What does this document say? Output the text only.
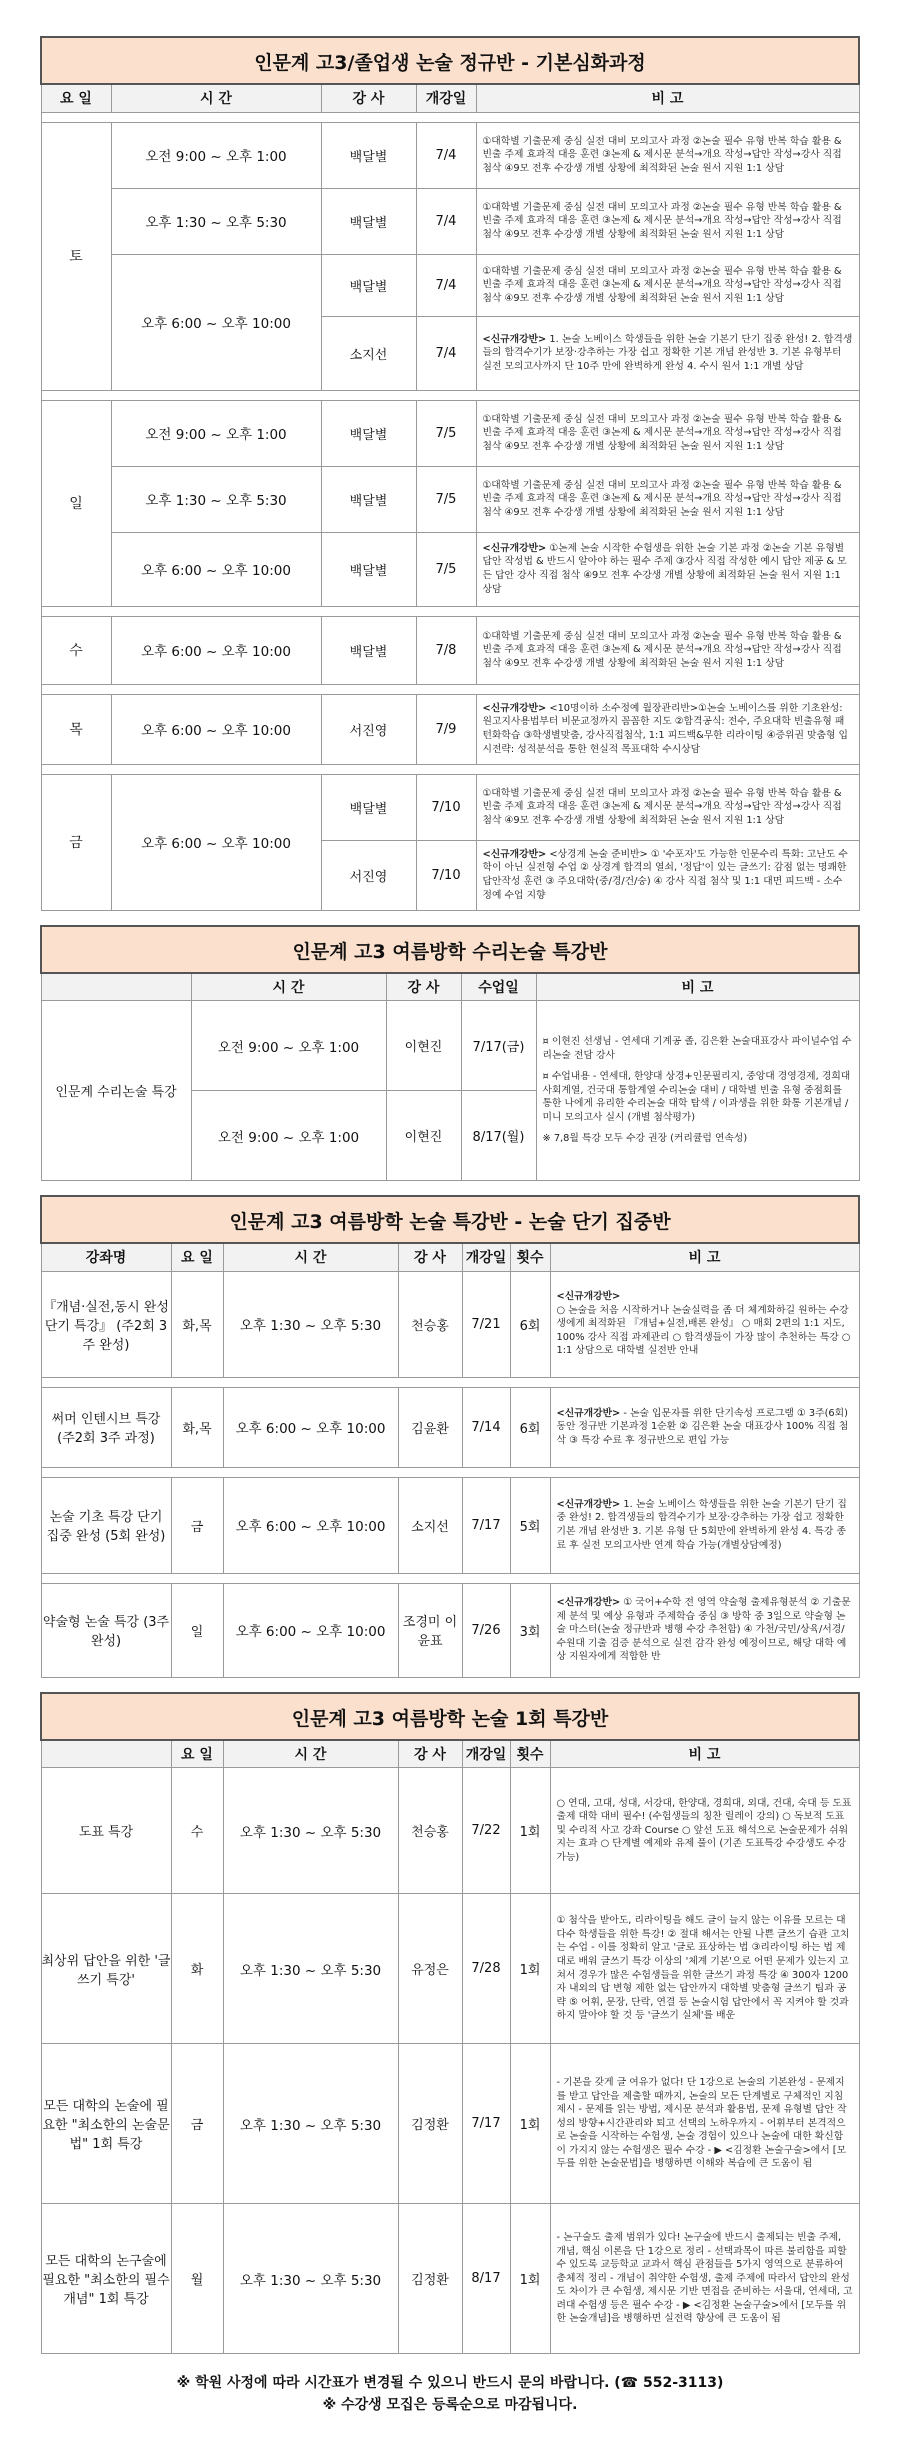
인문계 고3/졸업생 논술 정규반 - 기본심화과정				
요 일	시 간	강 사	개강일	비 고

토	오전 9:00 ~ 오후 1:00	백달별	7/4	①대학별 기출문제 중심 실전 대비 모의고사 과정 ②논술 필수 유형 반복 학습 활용 & 빈출 주제 효과적 대응 훈련 ③논제 & 제시문 분석→개요 작성→답안 작성→강사 직접 첨삭 ④9모 전후 수강생 개별 상황에 최적화된 논술 원서 지원 1:1 상담
	오후 1:30 ~ 오후 5:30	백달별	7/4	①대학별 기출문제 중심 실전 대비 모의고사 과정 ②논술 필수 유형 반복 학습 활용 & 빈출 주제 효과적 대응 훈련 ③논제 & 제시문 분석→개요 작성→답안 작성→강사 직접 첨삭 ④9모 전후 수강생 개별 상황에 최적화된 논술 원서 지원 1:1 상담
	오후 6:00 ~ 오후 10:00	백달별	7/4	①대학별 기출문제 중심 실전 대비 모의고사 과정 ②논술 필수 유형 반복 학습 활용 & 빈출 주제 효과적 대응 훈련 ③논제 & 제시문 분석→개요 작성→답안 작성→강사 직접 첨삭 ④9모 전후 수강생 개별 상황에 최적화된 논술 원서 지원 1:1 상담
		소지선	7/4	<신규개강반> 1. 논술 노베이스 학생들을 위한 논술 기본기 단기 집중 완성! 2. 합격생들의 합격수기가 보장·강추하는 가장 쉽고 정확한 기본 개념 완성반 3. 기본 유형부터 실전 모의고사까지 단 10주 만에 완벽하게 완성 4. 수시 원서 1:1 개별 상담

일	오전 9:00 ~ 오후 1:00	백달별	7/5	①대학별 기출문제 중심 실전 대비 모의고사 과정 ②논술 필수 유형 반복 학습 활용 & 빈출 주제 효과적 대응 훈련 ③논제 & 제시문 분석→개요 작성→답안 작성→강사 직접 첨삭 ④9모 전후 수강생 개별 상황에 최적화된 논술 원서 지원 1:1 상담
	오후 1:30 ~ 오후 5:30	백달별	7/5	①대학별 기출문제 중심 실전 대비 모의고사 과정 ②논술 필수 유형 반복 학습 활용 & 빈출 주제 효과적 대응 훈련 ③논제 & 제시문 분석→개요 작성→답안 작성→강사 직접 첨삭 ④9모 전후 수강생 개별 상황에 최적화된 논술 원서 지원 1:1 상담
	오후 6:00 ~ 오후 10:00	백달별	7/5	<신규개강반> ①논제 논술 시작한 수험생을 위한 논술 기본 과정 ②논술 기본 유형별 답안 작성법 & 반드시 알아야 하는 필수 주제 ③강사 직접 작성한 예시 답안 제공 & 모든 답안 강사 직접 첨삭 ④9모 전후 수강생 개별 상황에 최적화된 논술 원서 지원 1:1 상담

수	오후 6:00 ~ 오후 10:00	백달별	7/8	①대학별 기출문제 중심 실전 대비 모의고사 과정 ②논술 필수 유형 반복 학습 활용 & 빈출 주제 효과적 대응 훈련 ③논제 & 제시문 분석→개요 작성→답안 작성→강사 직접 첨삭 ④9모 전후 수강생 개별 상황에 최적화된 논술 원서 지원 1:1 상담

목	오후 6:00 ~ 오후 10:00	서진영	7/9	<신규개강반> <10명이하 소수정예 월장관리반>①논술 노베이스를 위한 기초완성: 원고지사용법부터 비문교정까지 꼼꼼한 지도 ②합격공식: 전수, 주요대학 빈출유형 패턴화학습 ③학생별맞춤, 강사직접첨삭, 1:1 피드백&무한 리라이팅 ④증위권 맞춤형 입시전략: 성적분석을 통한 현실적 목표대학 수시상담

금	오후 6:00 ~ 오후 10:00	백달별	7/10	①대학별 기출문제 중심 실전 대비 모의고사 과정 ②논술 필수 유형 반복 학습 활용 & 빈출 주제 효과적 대응 훈련 ③논제 & 제시문 분석→개요 작성→답안 작성→강사 직접 첨삭 ④9모 전후 수강생 개별 상황에 최적화된 논술 원서 지원 1:1 상담
		서진영	7/10	<신규개강반> <상경계 논술 준비반> ① '수포자'도 가능한 인문수리 특화: 고난도 수학이 아닌 실전형 수업 ② 상경계 합격의 열쇠, '정답'이 있는 글쓰기: 감점 없는 명쾌한 답안작성 훈련 ③ 주요대학(중/경/건/숭) ④ 강사 직접 첨삭 및 1:1 대면 피드백 - 소수 정예 수업 지향
인문계 고3 여름방학 수리논술 특강반				
	시 간	강 사	수업일	비 고
인문계 수리논술 특강	오전 9:00 ~ 오후 1:00	이현진	7/17(금)	¤ 이현진 선생님 - 연세대 기계공 졸, 김은환 논술대표강사 파이널수업 수리논술 전담 강사
¤ 수업내용 - 연세대, 한양대 상경+인문필리지, 중앙대 경영경제, 경희대 사회계열, 건국대 통합계열 수리논술 대비 / 대학별 빈출 유형 중점회를 통한 나에게 유리한 수리논술 대학 탐색 / 이과생을 위한 화통 기본개념 / 미니 모의고사 실시 (개별 첨삭평가)
※ 7,8월 특강 모두 수강 권장 (커리큘럼 연속성)

	오전 9:00 ~ 오후 1:00	이현진	8/17(월)	
인문계 고3 여름방학 논술 특강반 - 논술 단기 집중반						
강좌명	요 일	시 간	강 사	개강일	횟수	비 고
『개념·실전,동시 완성 단기 특강』 (주2회 3주 완성)	화,목	오후 1:30 ~ 오후 5:30	천승홍	7/21	6회	<신규개강반>
○ 논술을 처음 시작하거나 논술실력을 좀 더 체계화하길 원하는 수강생에게 최적화된 『개념+실전,배론 완성』 ○ 매회 2편의 1:1 지도, 100% 강사 직접 과제관리 ○ 합격생들이 가장 많이 추천하는 특강 ○ 1:1 상담으로 대학별 실전반 안내

써머 인텐시브 특강 (주2회 3주 과정)	화,목	오후 6:00 ~ 오후 10:00	김윤환	7/14	6회	<신규개강반> - 논술 입문자를 위한 단기속성 프로그램 ① 3주(6회) 동안 정규반 기본과정 1순환 ② 김은환 논술 대표강사 100% 직접 첨삭 ③ 특강 수료 후 정규반으로 편입 가능

논술 기초 특강 단기 집중 완성 (5회 완성)	금	오후 6:00 ~ 오후 10:00	소지선	7/17	5회	<신규개강반> 1. 논술 노베이스 학생들을 위한 논술 기본기 단기 집중 완성! 2. 합격생들의 합격수기가 보장·강추하는 가장 쉽고 정확한 기본 개념 완성반 3. 기본 유형 단 5회만에 완벽하게 완성 4. 특강 종료 후 실전 모의고사반 연계 학습 가능(개별상담예정)

약술형 논술 특강 (3주 완성)	일	오후 6:00 ~ 오후 10:00	조경미 이윤표	7/26	3회	<신규개강반> ① 국어+수학 전 영역 약술형 출제유형분석 ② 기출문제 분석 및 예상 유형과 주제학습 중심 ③ 방학 중 3일으로 약술형 논술 마스터(논술 정규반과 병행 수강 추천함) ④ 가천/국민/상육/서경/수원대 기출 검증 분석으로 실전 감각 완성 예정이므로, 해당 대학 예상 지원자에게 적합한 반
인문계 고3 여름방학 논술 1회 특강반						
	요 일	시 간	강 사	개강일	횟수	비 고
도표 특강	수	오후 1:30 ~ 오후 5:30	천승홍	7/22	1회	○ 연대, 고대, 성대, 서강대, 한양대, 경희대, 외대, 건대, 숙대 등 도표 출제 대학 대비 필수! (수험생들의 칭찬 릴레이 강의) ○ 독보적 도표 및 수리적 사고 강좌 Course ○ 앞선 도표 해석으로 논술문제가 쉬워지는 효과 ○ 단계별 예제와 유제 풀이 (기존 도표특강 수강생도 수강 가능)
최상위 답안을 위한 '글쓰기 특강'	화	오후 1:30 ~ 오후 5:30	유정은	7/28	1회	① 첨삭을 받아도, 리라이팅을 해도 글이 늘지 않는 이유를 모르는 대다수 학생들을 위한 특강! ② 절대 해서는 안될 나쁜 글쓰기 습관 고치는 수업 - 이를 정확히 알고 '글로 표상하는 법 ③리라이팅 하는 법 제대로 배워 글쓰기 특강 이상의 '체계 기본'으로 어떤 문제가 있는지 고쳐서 경우가 많은 수험생들을 위한 글쓰기 과정 특강 ④ 300자 1200자 내외의 답 변형 제한 없는 답안까지 대학별 맞춤형 글쓰기 팁과 공략 ⑤ 어휘, 문장, 단락, 연결 등 논술시험 답안에서 꼭 지켜야 할 것과 하지 말아야 할 것 등 '글쓰기 실체'를 배운
모든 대학의 논술에 필요한 "최소한의 논술문법" 1회 특강	금	오후 1:30 ~ 오후 5:30	김정환	7/17	1회	- 기본을 갖게 글 여유가 없다! 단 1강으로 논술의 기본완성 - 문제지를 받고 답안을 제출할 때까지, 논술의 모든 단계별로 구체적인 지침 제시 - 문제를 읽는 방법, 제시문 분석과 활용법, 문제 유형별 답안 작성의 방향+시간관리와 퇴고 선택의 노하우까지 - 어휘부터 본격적으로 논술을 시작하는 수험생, 논술 경험이 있으나 논술에 대한 확신함이 가지지 않는 수험생은 필수 수강 - ▶ <김정환 논술구술>에서 [모두를 위한 논술문법]을 병행하면 이해와 복습에 큰 도움이 됨
모든 대학의 논구술에 필요한 "최소한의 필수개념" 1회 특강	월	오후 1:30 ~ 오후 5:30	김정환	8/17	1회	- 논구술도 출제 범위가 있다! 논구술에 반드시 출제되는 빈출 주제, 개념, 핵심 이론을 단 1강으로 정리 - 선택과목이 따른 불리함을 피할 수 있도록 교등학교 교과서 핵심 관점들을 5가지 영역으로 분류하여 총체적 정리 - 개념이 취약한 수험생, 출제 주제에 따라서 답안의 완성도 차이가 큰 수험생, 제시문 기반 면접을 준비하는 서울대, 연세대, 고려대 수험생 등은 필수 수강 - ▶ <김정환 논술구술>에서 [모두를 위한 논술개념]을 병행하면 실전력 향상에 큰 도움이 됨
※ 학원 사정에 따라 시간표가 변경될 수 있으니 반드시 문의 바랍니다. (☎ 552-3113)
※ 수강생 모집은 등록순으로 마감됩니다.
